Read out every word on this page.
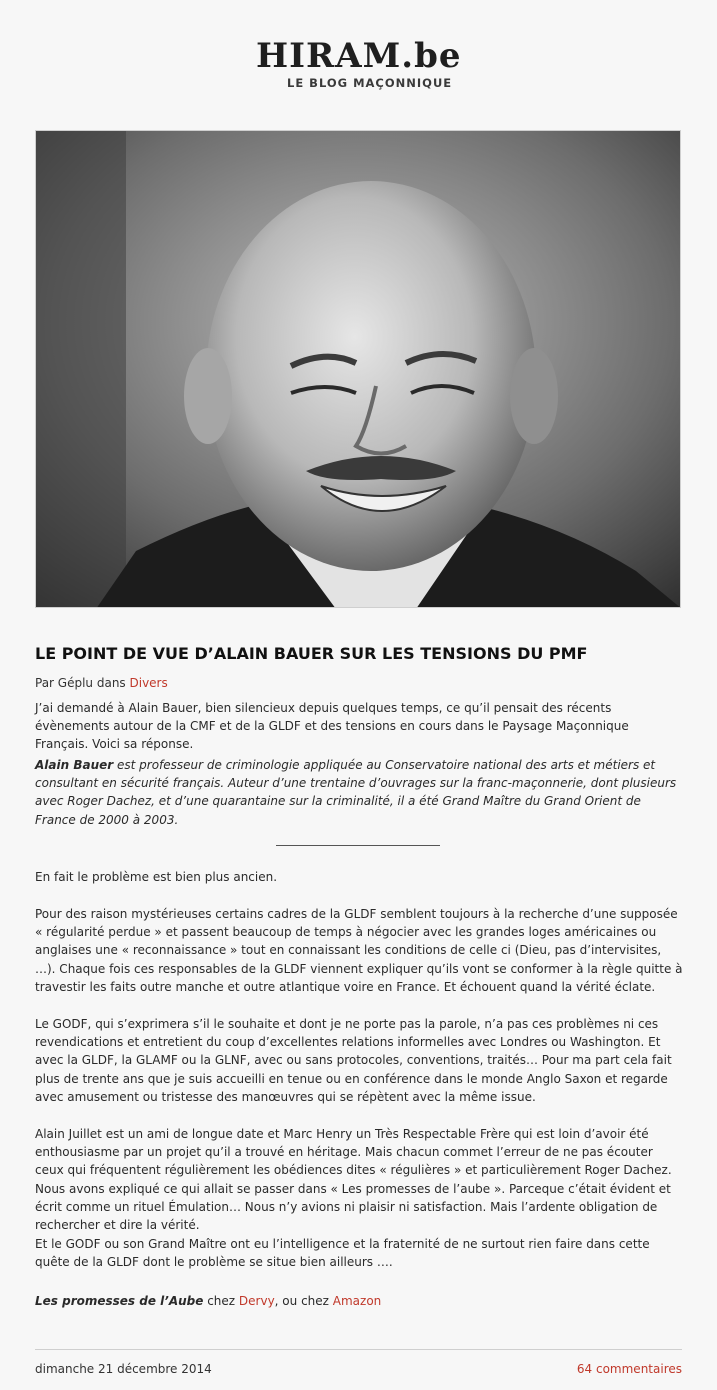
HIRAM.be
LE BLOG MAÇONNIQUE
LE POINT DE VUE D’ALAIN BAUER SUR LES TENSIONS DU PMF
Par Géplu dans Divers

J’ai demandé à Alain Bauer, bien silencieux depuis quelques temps, ce qu’il pensait des récents évènements autour de la CMF et de la GLDF et des tensions en cours dans le Paysage Maçonnique Français. Voici sa réponse.

Alain Bauer est professeur de criminologie appliquée au Conservatoire national des arts et métiers et consultant en sécurité français. Auteur d’une trentaine d’ouvrages sur la franc-maçonnerie, dont plusieurs avec Roger Dachez, et d’une quarantaine sur la criminalité, il a été Grand Maître du Grand Orient de France de 2000 à 2003.

En fait le problème est bien plus ancien.

Pour des raison mystérieuses certains cadres de la GLDF semblent toujours à la recherche d’une supposée « régularité perdue » et passent beaucoup de temps à négocier avec les grandes loges américaines ou anglaises une « reconnaissance » tout en connaissant les conditions de celle ci (Dieu, pas d’intervisites, …). Chaque fois ces responsables de la GLDF viennent expliquer qu’ils vont se conformer à la règle quitte à travestir les faits outre manche et outre atlantique voire en France. Et échouent quand la vérité éclate.

Le GODF, qui s’exprimera s’il le souhaite et dont je ne porte pas la parole, n’a pas ces problèmes ni ces revendications et entretient du coup d’excellentes relations informelles avec Londres ou Washington. Et avec la GLDF, la GLAMF ou la GLNF, avec ou sans protocoles, conventions, traités… Pour ma part cela fait plus de trente ans que je suis accueilli en tenue ou en conférence dans le monde Anglo Saxon et regarde avec amusement ou tristesse des manœuvres qui se répètent avec la même issue.

Alain Juillet est un ami de longue date et Marc Henry un Très Respectable Frère qui est loin d’avoir été enthousiasme par un projet qu’il a trouvé en héritage. Mais chacun commet l’erreur de ne pas écouter ceux qui fréquentent régulièrement les obédiences dites « régulières » et particulièrement Roger Dachez. Nous avons expliqué ce qui allait se passer dans « Les promesses de l’aube ». Parceque c’était évident et écrit comme un rituel Émulation… Nous n’y avions ni plaisir ni satisfaction. Mais l’ardente obligation de rechercher et dire la vérité.

Et le GODF ou son Grand Maître ont eu l’intelligence et la fraternité de ne surtout rien faire dans cette quête de la GLDF dont le problème se situe bien ailleurs ….

Les promesses de l’Aube chez Dervy, ou chez Amazon

dimanche 21 décembre 2014	64 commentaires
